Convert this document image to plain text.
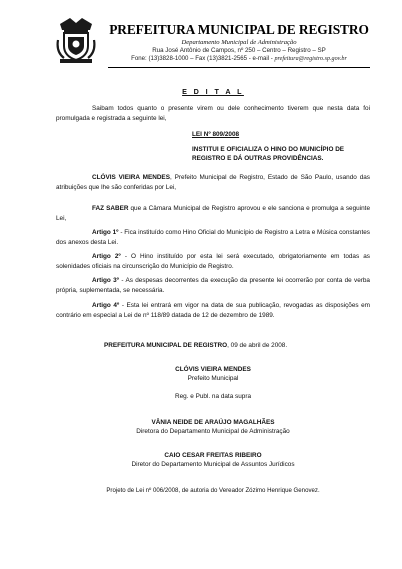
PREFEITURA MUNICIPAL DE REGISTRO
Departamento Municipal de Administração
Rua José Antônio de Campos, nº 250 – Centro – Registro – SP
Fone: (13)3828-1000 – Fax (13)3821-2565 - e-mail - prefeitura@registro.sp.gov.br
E D I T A L
Saibam todos quanto o presente virem ou dele conhecimento tiverem que nesta data foi promulgada e registrada a seguinte lei,
LEI Nº 809/2008
INSTITUI E OFICIALIZA O HINO DO MUNICÍPIO DE REGISTRO E DÁ OUTRAS PROVIDÊNCIAS.
CLÓVIS VIEIRA MENDES, Prefeito Municipal de Registro, Estado de São Paulo, usando das atribuições que lhe são conferidas por Lei,
FAZ SABER que a Câmara Municipal de Registro aprovou e ele sanciona e promulga a seguinte Lei,
Artigo 1º - Fica instituído como Hino Oficial do Município de Registro a Letra e Música constantes dos anexos desta Lei.
Artigo 2º - O Hino instituído por esta lei será executado, obrigatoriamente em todas as solenidades oficiais na circunscrição do Município de Registro.
Artigo 3º - As despesas decorrentes da execução da presente lei ocorrerão por conta de verba própria, suplementada, se necessária.
Artigo 4º - Esta lei entrará em vigor na data de sua publicação, revogadas as disposições em contrário em especial a Lei de nº 118/89 datada de 12 de dezembro de 1989.
PREFEITURA MUNICIPAL DE REGISTRO, 09 de abril de 2008.
CLÓVIS VIEIRA MENDES
Prefeito Municipal
Reg. e Publ. na data supra
VÂNIA NEIDE DE ARAÚJO MAGALHÃES
Diretora do Departamento Municipal de Administração
CAIO CESAR FREITAS RIBEIRO
Diretor do Departamento Municipal de Assuntos Jurídicos
Projeto de Lei nº 006/2008, de autoria do Vereador Zózimo Henrique Genovez.
